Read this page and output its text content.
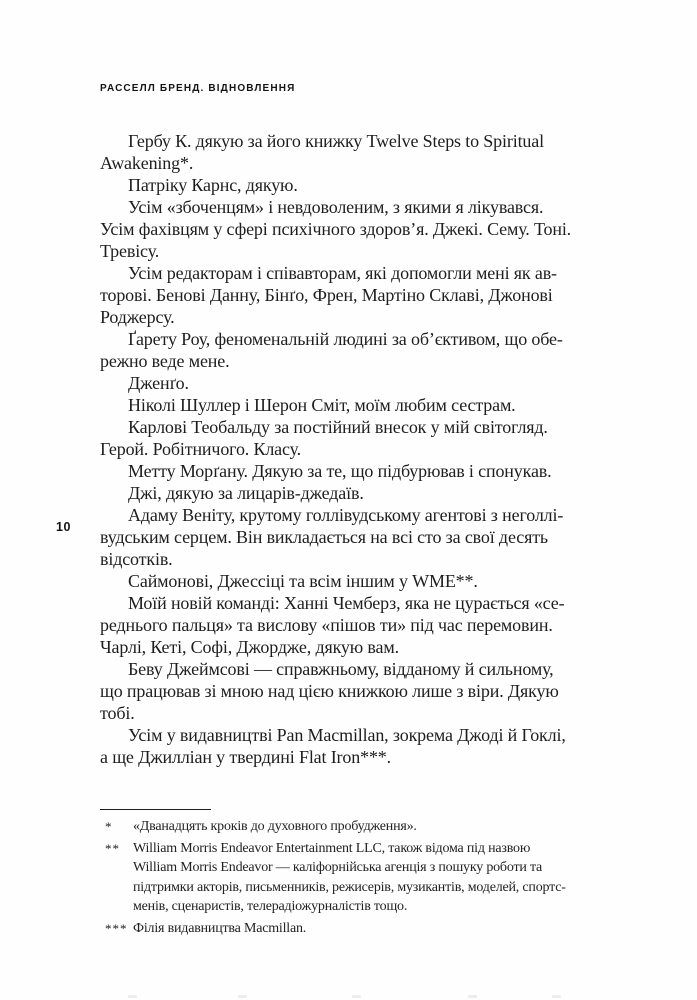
РАССЕЛЛ БРЕНД. ВІДНОВЛЕННЯ
10
Гербу К. дякую за його книжку Twelve Steps to Spiritual
Awakening*.
Патріку Карнс, дякую.
Усім «збоченцям» і невдоволеним, з якими я лікувався.
Усім фахівцям у сфері психічного здоров’я. Джекі. Сему. Тоні.
Тревісу.
Усім редакторам і співавторам, які допомогли мені як ав-
торові. Бенові Данну, Бінґо, Френ, Мартіно Склаві, Джонові
Роджерсу.
Ґарету Роу, феноменальній людині за об’єктивом, що обе-
режно веде мене.
Дженґо.
Ніколі Шуллер і Шерон Сміт, моїм любим сестрам.
Карлові Теобальду за постійний внесок у мій світогляд.
Герой. Робітничого. Класу.
Метту Морґану. Дякую за те, що підбурював і спонукав.
Джі, дякую за лицарів-джедаїв.
Адаму Веніту, крутому голлівудському агентові з неголлі-
вудським серцем. Він викладається на всі сто за свої десять
відсотків.
Саймонові, Джессіці та всім іншим у WME**.
Моїй новій команді: Ханні Чемберз, яка не цурається «се-
реднього пальця» та вислову «пішов ти» під час перемовин.
Чарлі, Кеті, Софі, Джордже, дякую вам.
Беву Джеймсові — справжньому, відданому й сильному,
що працював зі мною над цією книжкою лише з віри. Дякую
тобі.
Усім у видавництві Pan Macmillan, зокрема Джоді й Гоклі,
а ще Джилліан у твердині Flat Iron***.
*	«Дванадцять кроків до духовного пробудження».
** William Morris Endeavor Entertainment LLC, також відома під назвою
William Morris Endeavor — каліфорнійська агенція з пошуку роботи та
підтримки акторів, письменників, режисерів, музикантів, моделей, спортс-
менів, сценаристів, телерадіожурналістів тощо.
*** Філія видавництва Macmillan.
